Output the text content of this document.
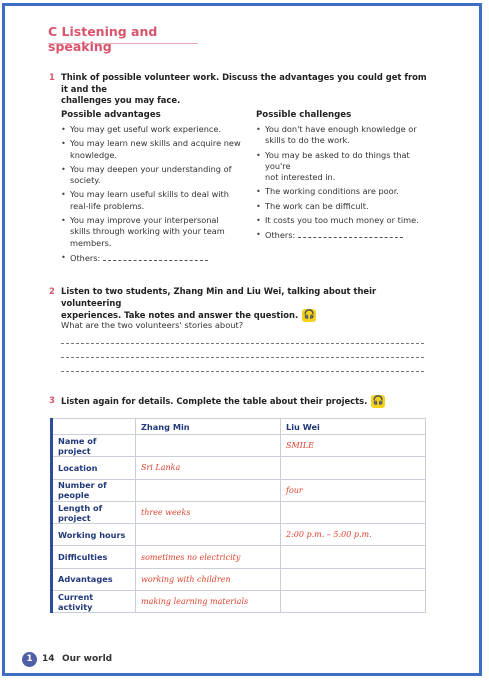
C Listening and speaking
1 Think of possible volunteer work. Discuss the advantages you could get from it and the
challenges you may face.
Possible advantages	Possible challenges
• You may get useful work experience.
• You may learn new skills and acquire new
knowledge.
• You may deepen your understanding of
society.
• You may learn useful skills to deal with
real-life problems.
• You may improve your interpersonal
skills through working with your team
members.
• Others:
• You don't have enough knowledge or
skills to do the work.
• You may be asked to do things that you're
not interested in.
• The working conditions are poor.
• The work can be difficult.
• It costs you too much money or time.
• Others:
2 Listen to two students, Zhang Min and Liu Wei, talking about their volunteering
experiences. Take notes and answer the question. 🎧
What are the two volunteers' stories about?
3 Listen again for details. Complete the table about their projects. 🎧
	Zhang Min	Liu Wei
Name of project		SMILE
Location	Sri Lanka	
Number of people		four
Length of project	three weeks	
Working hours		2:00 p.m. – 5:00 p.m.
Difficulties	sometimes no electricity	
Advantages	working with children	
Current activity	making learning materials	
1	14 Our world
